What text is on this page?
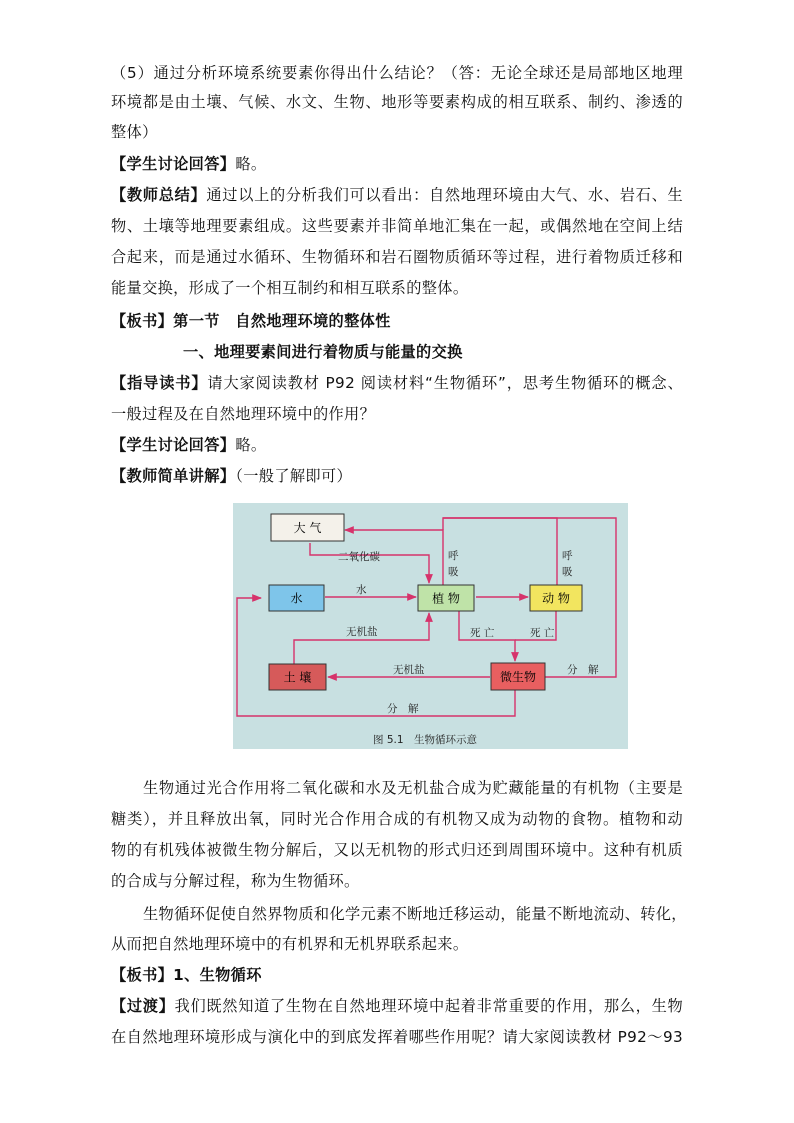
（5）通过分析环境系统要素你得出什么结论？（答：无论全球还是局部地区地理
环境都是由土壤、气候、水文、生物、地形等要素构成的相互联系、制约、渗透的
整体）
【学生讨论回答】略。
【教师总结】通过以上的分析我们可以看出：自然地理环境由大气、水、岩石、生
物、土壤等地理要素组成。这些要素并非简单地汇集在一起，或偶然地在空间上结
合起来，而是通过水循环、生物循环和岩石圈物质循环等过程，进行着物质迁移和
能量交换，形成了一个相互制约和相互联系的整体。
【板书】第一节　自然地理环境的整体性
一、地理要素间进行着物质与能量的交换
【指导读书】请大家阅读教材 P92 阅读材料“生物循环”，思考生物循环的概念、
一般过程及在自然地理环境中的作用？
【学生讨论回答】略。
【教师简单讲解】（一般了解即可）
大 气
水	植 物	动 物
土 壤	微生物
二氧化碳
水
呼
吸
呼
吸
无机盐
无机盐
死 亡	死 亡
分　解
分　解
图 5.1　生物循环示意
生物通过光合作用将二氧化碳和水及无机盐合成为贮藏能量的有机物（主要是
糖类），并且释放出氧，同时光合作用合成的有机物又成为动物的食物。植物和动
物的有机残体被微生物分解后，又以无机物的形式归还到周围环境中。这种有机质
的合成与分解过程，称为生物循环。
生物循环促使自然界物质和化学元素不断地迁移运动，能量不断地流动、转化，
从而把自然地理环境中的有机界和无机界联系起来。
【板书】1、生物循环
【过渡】我们既然知道了生物在自然地理环境中起着非常重要的作用，那么，生物
在自然地理环境形成与演化中的到底发挥着哪些作用呢？请大家阅读教材 P92～93
